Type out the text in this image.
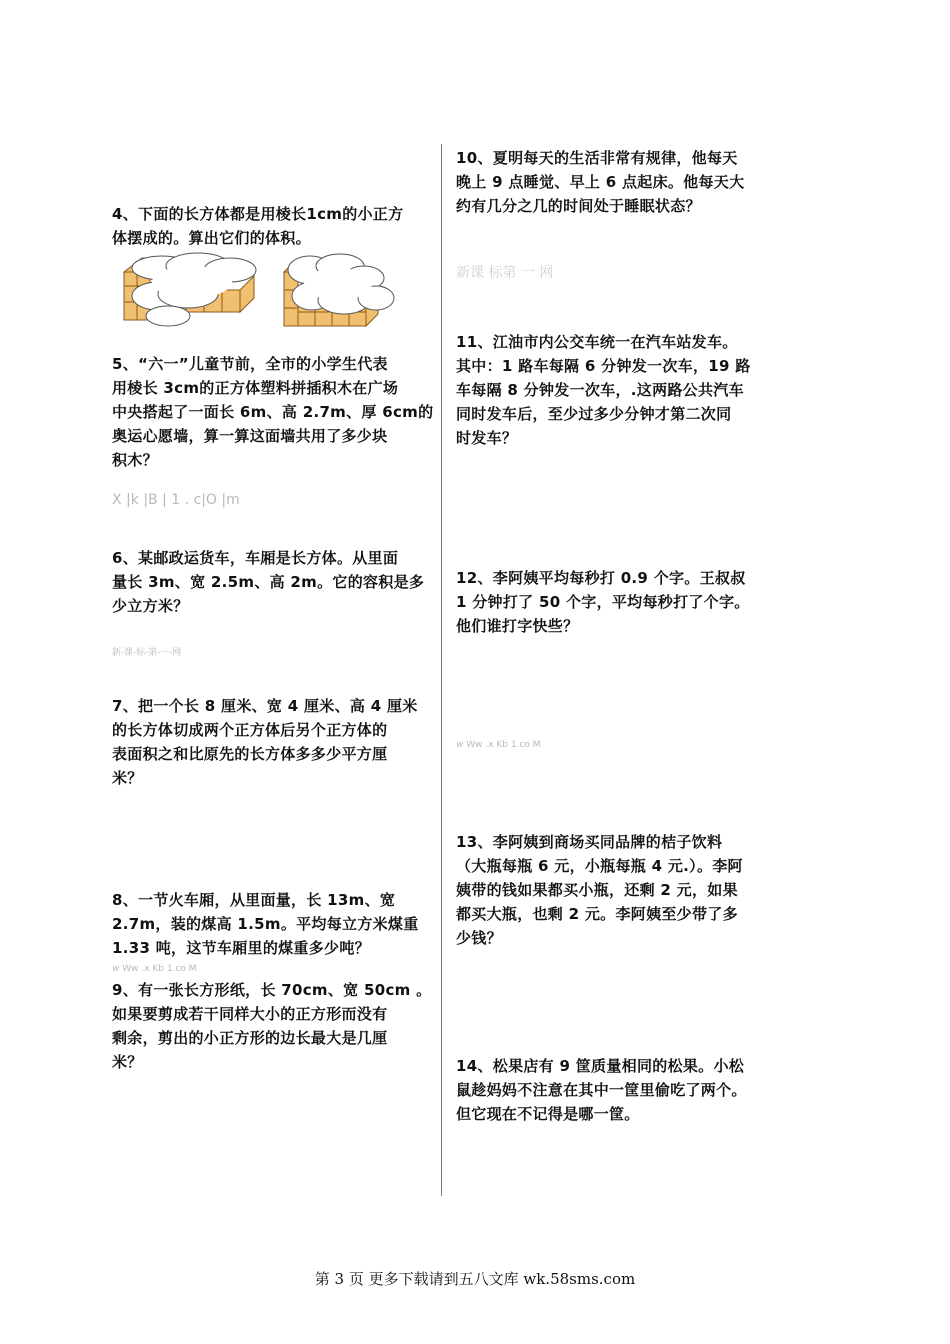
4、下面的长方体都是用棱长1cm的小正方
体摆成的。算出它们的体积。
5、“六一”儿童节前，全市的小学生代表
用棱长 3cm的正方体塑料拼插积木在广场
中央搭起了一面长 6m、高 2.7m、厚 6cm的
奥运心愿墙，算一算这面墙共用了多少块
积木？
X |k |B | 1 . c|O |m
6、某邮政运货车，车厢是长方体。从里面
量长 3m、宽 2.5m、高 2m。它的容积是多
少立方米？
新-课-标-第-一-网
7、把一个长 8 厘米、宽 4 厘米、高 4 厘米
的长方体切成两个正方体后另个正方体的
表面积之和比原先的长方体多多少平方厘
米？
8、一节火车厢，从里面量，长 13m、宽
2.7m，装的煤高 1.5m。平均每立方米煤重
1.33 吨，这节车厢里的煤重多少吨？
w Ww .x Kb 1.co M
9、有一张长方形纸，长 70cm、宽 50cm 。
如果要剪成若干同样大小的正方形而没有
剩余，剪出的小正方形的边长最大是几厘
米？
10、夏明每天的生活非常有规律，他每天
晚上 9 点睡觉、早上 6 点起床。他每天大
约有几分之几的时间处于睡眠状态？
新课 标第 一 网
11、江油市内公交车统一在汽车站发车。
其中：1 路车每隔 6 分钟发一次车，19 路
车每隔 8 分钟发一次车，.这两路公共汽车
同时发车后，至少过多少分钟才第二次同
时发车？
12、李阿姨平均每秒打 0.9 个字。王叔叔
1 分钟打了 50 个字，平均每秒打了个字。
他们谁打字快些？
w Ww .x Kb 1.co M
13、李阿姨到商场买同品牌的桔子饮料
（大瓶每瓶 6 元，小瓶每瓶 4 元.）。李阿
姨带的钱如果都买小瓶，还剩 2 元，如果
都买大瓶，也剩 2 元。李阿姨至少带了多
少钱？
14、松果店有 9 筐质量相同的松果。小松
鼠趁妈妈不注意在其中一筐里偷吃了两个。
但它现在不记得是哪一筐。
第 3 页 更多下载请到五八文库 wk.58sms.com
